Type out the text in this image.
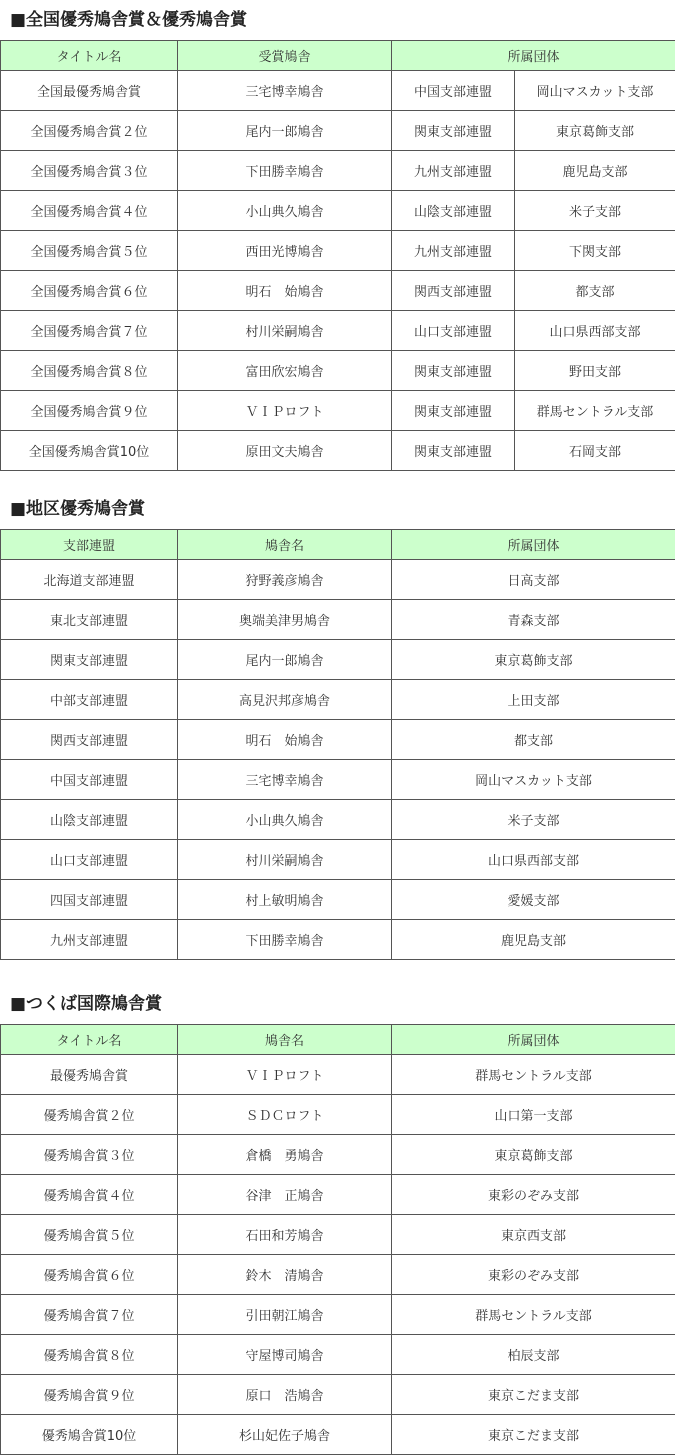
■全国優秀鳩舎賞＆優秀鳩舎賞
タイトル名	受賞鳩舎	所属団体	
全国最優秀鳩舎賞	三宅博幸鳩舎	中国支部連盟	岡山マスカット支部
全国優秀鳩舎賞２位	尾内一郎鳩舎	関東支部連盟	東京葛飾支部
全国優秀鳩舎賞３位	下田勝幸鳩舎	九州支部連盟	鹿児島支部
全国優秀鳩舎賞４位	小山典久鳩舎	山陰支部連盟	米子支部
全国優秀鳩舎賞５位	西田光博鳩舎	九州支部連盟	下関支部
全国優秀鳩舎賞６位	明石　始鳩舎	関西支部連盟	都支部
全国優秀鳩舎賞７位	村川栄嗣鳩舎	山口支部連盟	山口県西部支部
全国優秀鳩舎賞８位	富田欣宏鳩舎	関東支部連盟	野田支部
全国優秀鳩舎賞９位	ＶＩＰロフト	関東支部連盟	群馬セントラル支部
全国優秀鳩舎賞10位	原田文夫鳩舎	関東支部連盟	石岡支部
■地区優秀鳩舎賞
支部連盟	鳩舎名	所属団体
北海道支部連盟	狩野義彦鳩舎	日高支部
東北支部連盟	奥端美津男鳩舎	青森支部
関東支部連盟	尾内一郎鳩舎	東京葛飾支部
中部支部連盟	高見沢邦彦鳩舎	上田支部
関西支部連盟	明石　始鳩舎	都支部
中国支部連盟	三宅博幸鳩舎	岡山マスカット支部
山陰支部連盟	小山典久鳩舎	米子支部
山口支部連盟	村川栄嗣鳩舎	山口県西部支部
四国支部連盟	村上敏明鳩舎	愛媛支部
九州支部連盟	下田勝幸鳩舎	鹿児島支部
■つくば国際鳩舎賞
タイトル名	鳩舎名	所属団体
最優秀鳩舎賞	ＶＩＰロフト	群馬セントラル支部
優秀鳩舎賞２位	ＳＤＣロフト	山口第一支部
優秀鳩舎賞３位	倉橋　勇鳩舎	東京葛飾支部
優秀鳩舎賞４位	谷津　正鳩舎	東彩のぞみ支部
優秀鳩舎賞５位	石田和芳鳩舎	東京西支部
優秀鳩舎賞６位	鈴木　清鳩舎	東彩のぞみ支部
優秀鳩舎賞７位	引田朝江鳩舎	群馬セントラル支部
優秀鳩舎賞８位	守屋博司鳩舎	柏辰支部
優秀鳩舎賞９位	原口　浩鳩舎	東京こだま支部
優秀鳩舎賞10位	杉山妃佐子鳩舎	東京こだま支部
